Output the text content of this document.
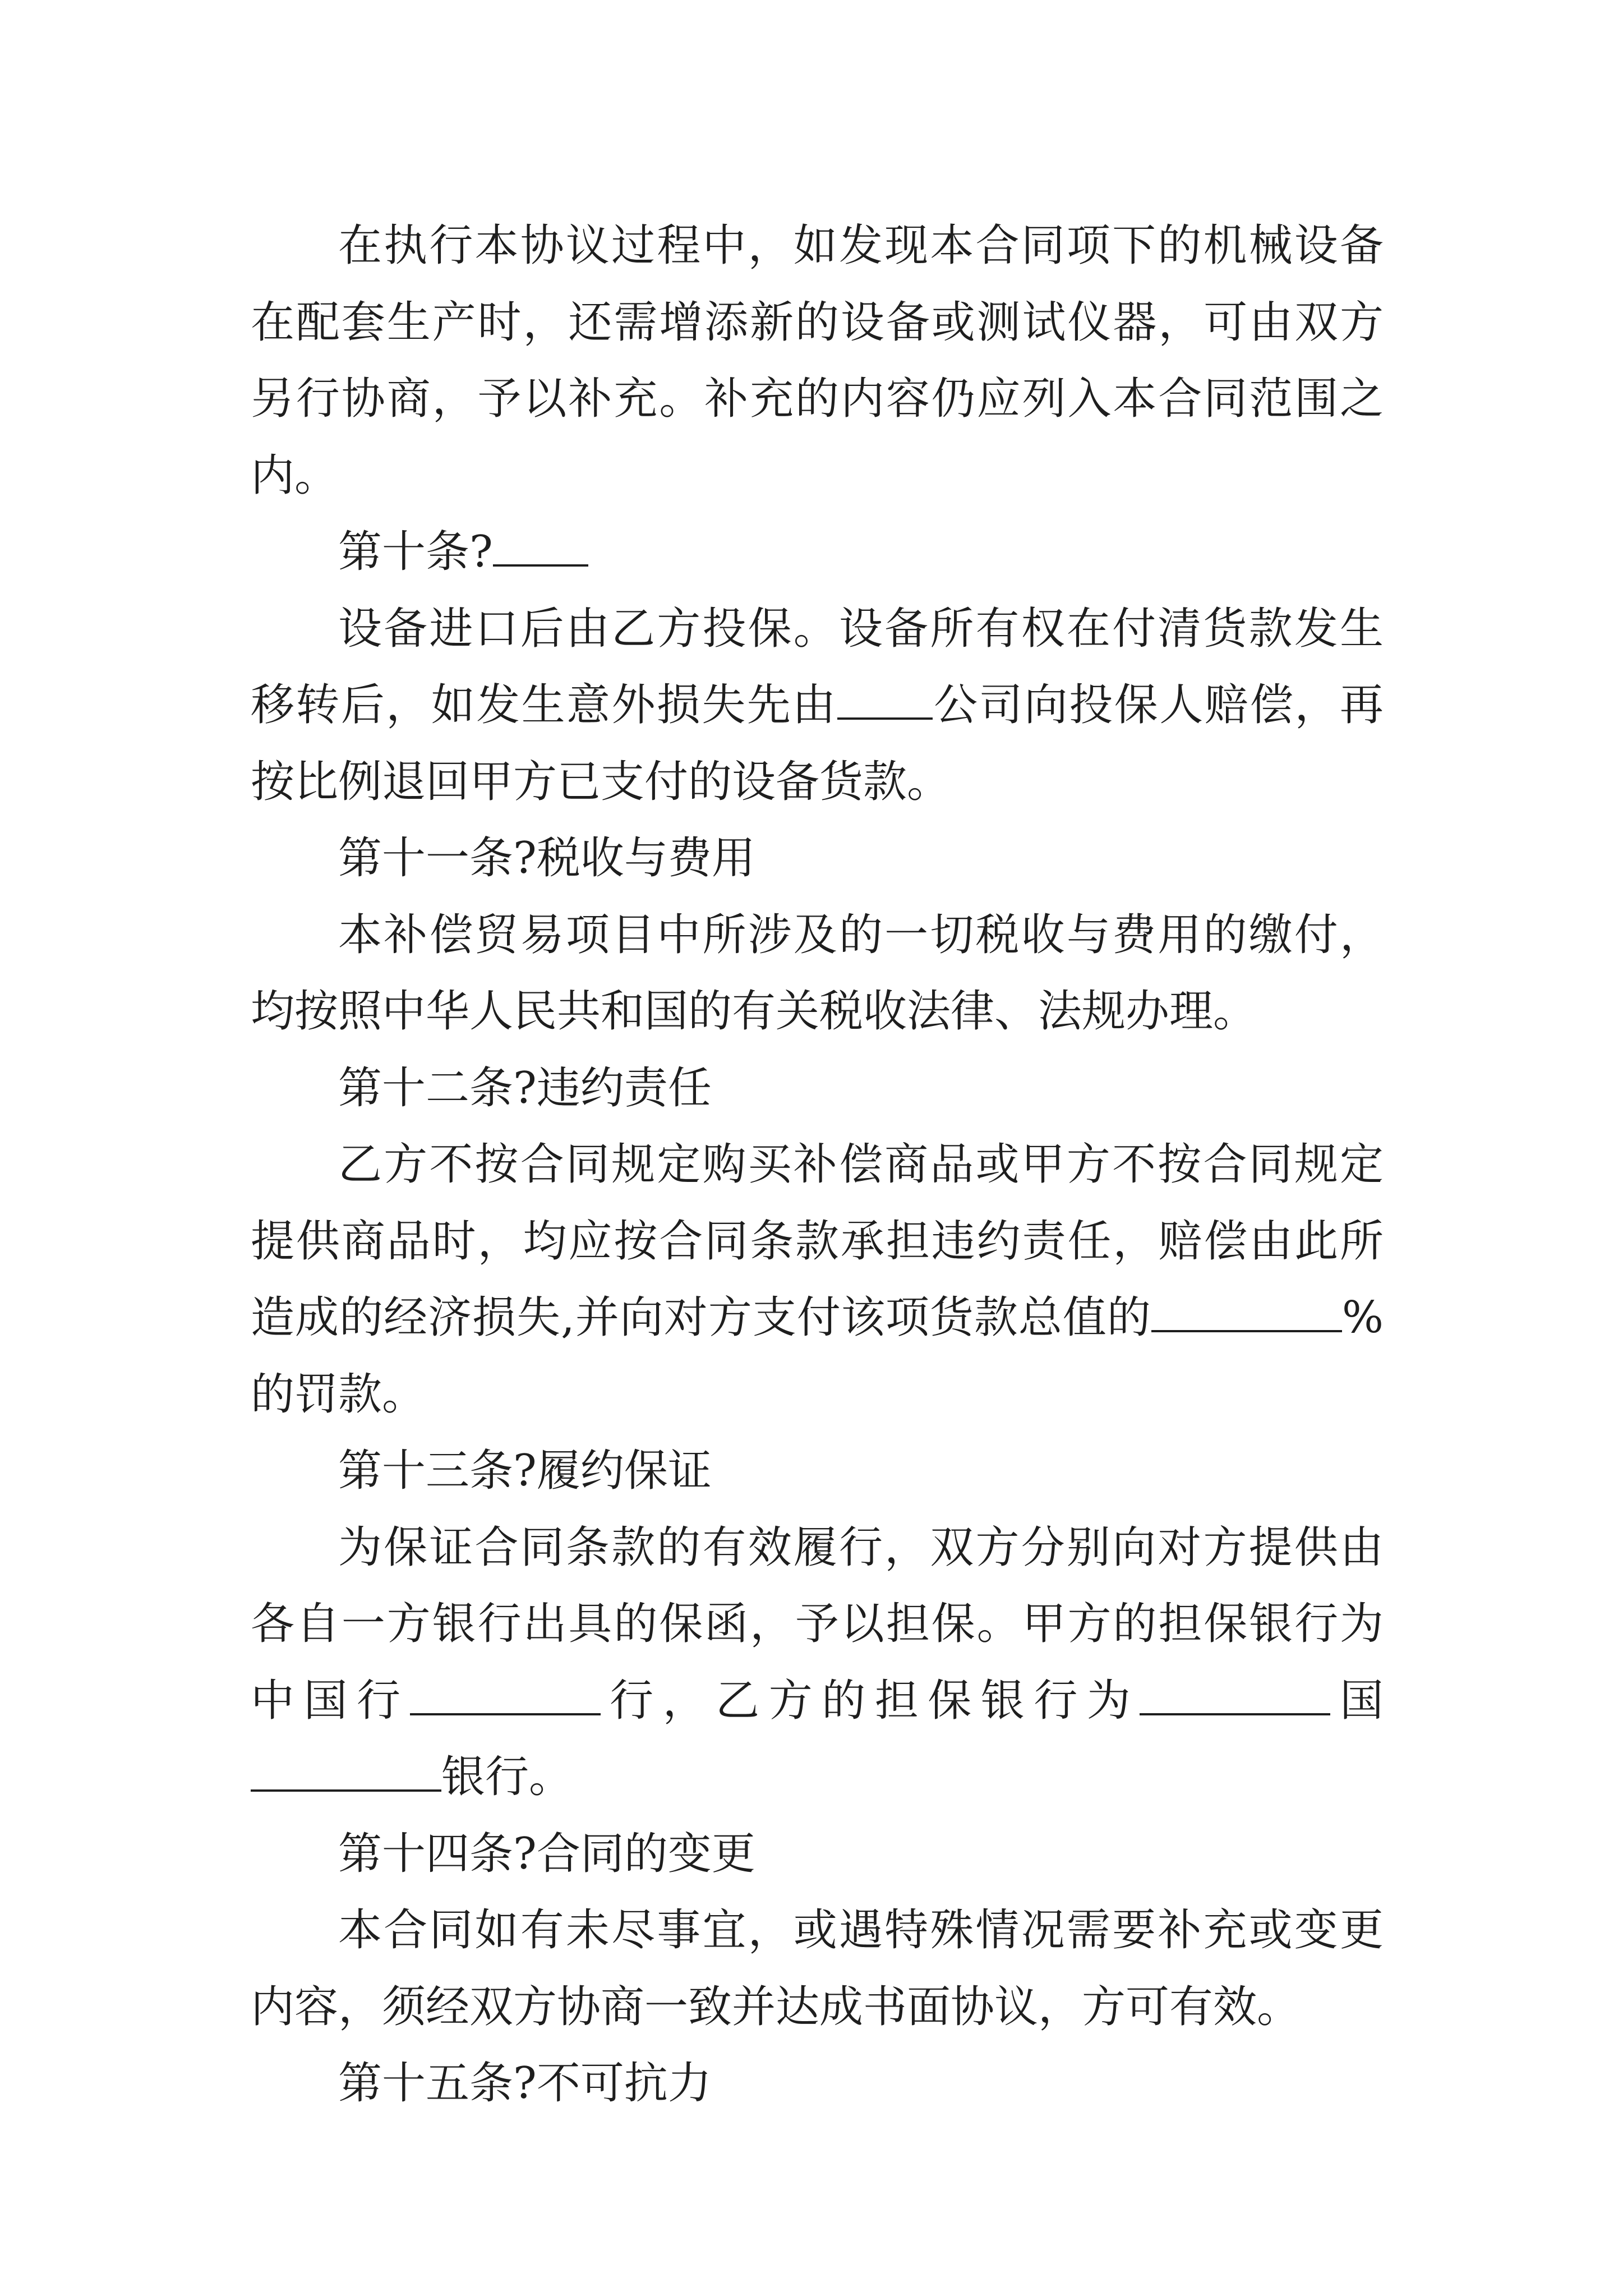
在执行本协议过程中，如发现本合同项下的机械设备在配套生产时，还需增添新的设备或测试仪器，可由双方另行协商，予以补充。补充的内容仍应列入本合同范围之内。

第十条?

设备进口后由乙方投保。设备所有权在付清货款发生移转后，如发生意外损失先由 公司向投保人赔偿，再按比例退回甲方已支付的设备货款。

第十一条?税收与费用

本补偿贸易项目中所涉及的一切税收与费用的缴付，均按照中华人民共和国的有关税收法律、法规办理。

第十二条?违约责任

乙方不按合同规定购买补偿商品或甲方不按合同规定提供商品时，均应按合同条款承担违约责任，赔偿由此所造成的经济损失,并向对方支付该项货款总值的	%的罚款。

第十三条?履约保证

为保证合同条款的有效履行，双方分别向对方提供由各自一方银行出具的保函，予以担保。甲方的担保银行为中国行	行，乙方的担保银行为	国银行。

第十四条?合同的变更

本合同如有未尽事宜，或遇特殊情况需要补充或变更内容，须经双方协商一致并达成书面协议，方可有效。

第十五条?不可抗力
